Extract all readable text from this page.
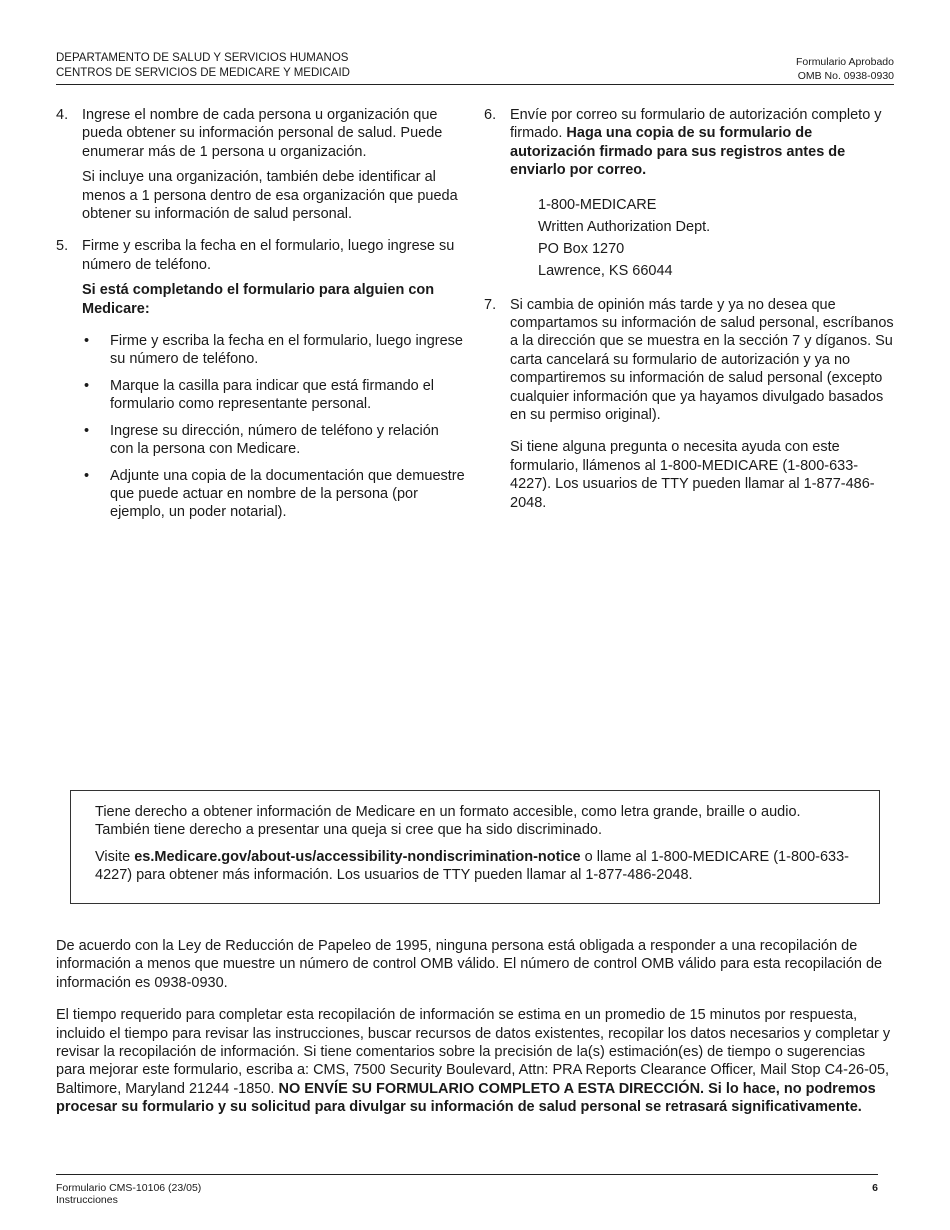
DEPARTAMENTO DE SALUD Y SERVICIOS HUMANOS
CENTROS DE SERVICIOS DE MEDICARE Y MEDICAID
Formulario Aprobado
OMB No. 0938-0930
4. Ingrese el nombre de cada persona u organización que pueda obtener su información personal de salud. Puede enumerar más de 1 persona u organización.

Si incluye una organización, también debe identificar al menos a 1 persona dentro de esa organización que pueda obtener su información de salud personal.

5. Firme y escriba la fecha en el formulario, luego ingrese su número de teléfono.

Si está completando el formulario para alguien con Medicare:
• Firme y escriba la fecha en el formulario, luego ingrese su número de teléfono.
• Marque la casilla para indicar que está firmando el formulario como representante personal.
• Ingrese su dirección, número de teléfono y relación con la persona con Medicare.
• Adjunte una copia de la documentación que demuestre que puede actuar en nombre de la persona (por ejemplo, un poder notarial).
6. Envíe por correo su formulario de autorización completo y firmado. Haga una copia de su formulario de autorización firmado para sus registros antes de enviarlo por correo.

1-800-MEDICARE
Written Authorization Dept.
PO Box 1270
Lawrence, KS 66044
7. Si cambia de opinión más tarde y ya no desea que compartamos su información de salud personal, escríbanos a la dirección que se muestra en la sección 7 y díganos. Su carta cancelará su formulario de autorización y ya no compartiremos su información de salud personal (excepto cualquier información que ya hayamos divulgado basados en su permiso original).

Si tiene alguna pregunta o necesita ayuda con este formulario, llámenos al 1-800-MEDICARE (1-800-633-4227). Los usuarios de TTY pueden llamar al 1-877-486-2048.

Tiene derecho a obtener información de Medicare en un formato accesible, como letra grande, braille o audio. También tiene derecho a presentar una queja si cree que ha sido discriminado.

Visite es.Medicare.gov/about-us/accessibility-nondiscrimination-notice o llame al 1-800-MEDICARE (1-800-633-4227) para obtener más información. Los usuarios de TTY pueden llamar al 1-877-486-2048.

De acuerdo con la Ley de Reducción de Papeleo de 1995, ninguna persona está obligada a responder a una recopilación de información a menos que muestre un número de control OMB válido. El número de control OMB válido para esta recopilación de información es 0938-0930.

El tiempo requerido para completar esta recopilación de información se estima en un promedio de 15 minutos por respuesta, incluido el tiempo para revisar las instrucciones, buscar recursos de datos existentes, recopilar los datos necesarios y completar y revisar la recopilación de información. Si tiene comentarios sobre la precisión de la(s) estimación(es) de tiempo o sugerencias para mejorar este formulario, escriba a: CMS, 7500 Security Boulevard, Attn: PRA Reports Clearance Officer, Mail Stop C4-26-05, Baltimore, Maryland 21244 -1850. NO ENVÍE SU FORMULARIO COMPLETO A ESTA DIRECCIÓN. Si lo hace, no podremos procesar su formulario y su solicitud para divulgar su información de salud personal se retrasará significativamente.

Formulario CMS-10106 (23/05)
Instrucciones
6
